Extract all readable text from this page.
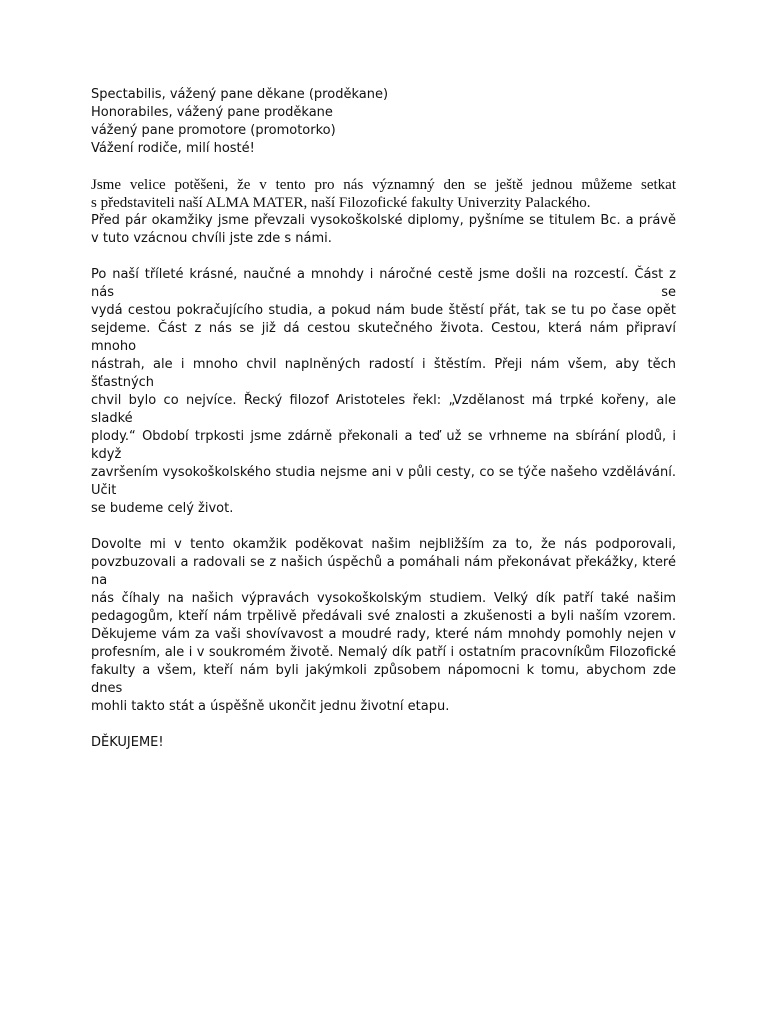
Spectabilis, vážený pane děkane (proděkane)
Honorabiles, vážený pane proděkane
vážený pane promotore (promotorko)
Vážení rodiče, milí hosté!
Jsme velice potěšeni, že v tento pro nás významný den se ještě jednou můžeme setkat
s představiteli naší ALMA MATER, naší Filozofické fakulty Univerzity Palackého.
Před pár okamžiky jsme převzali vysokoškolské diplomy, pyšníme se titulem Bc. a právě
v tuto vzácnou chvíli jste zde s námi.
Po naší tříleté krásné, naučné a mnohdy i náročné cestě jsme došli na rozcestí. Část z nás se
vydá cestou pokračujícího studia, a pokud nám bude štěstí přát, tak se tu po čase opět
sejdeme. Část z nás se již dá cestou skutečného života. Cestou, která nám připraví mnoho
nástrah, ale i mnoho chvil naplněných radostí i štěstím. Přeji nám všem, aby těch šťastných
chvil bylo co nejvíce. Řecký filozof Aristoteles řekl: „Vzdělanost má trpké kořeny, ale sladké
plody.“ Období trpkosti jsme zdárně překonali a teď už se vrhneme na sbírání plodů, i když
završením vysokoškolského studia nejsme ani v půli cesty, co se týče našeho vzdělávání. Učit
se budeme celý život.
Dovolte mi v tento okamžik poděkovat našim nejbližším za to, že nás podporovali,
povzbuzovali a radovali se z našich úspěchů a pomáhali nám překonávat překážky, které na
nás číhaly na našich výpravách vysokoškolským studiem. Velký dík patří také našim
pedagogům, kteří nám trpělivě předávali své znalosti a zkušenosti a byli naším vzorem.
Děkujeme vám za vaši shovívavost a moudré rady, které nám mnohdy pomohly nejen v
profesním, ale i v soukromém životě. Nemalý dík patří i ostatním pracovníkům Filozofické
fakulty a všem, kteří nám byli jakýmkoli způsobem nápomocni k tomu, abychom zde dnes
mohli takto stát a úspěšně ukončit jednu životní etapu.
DĚKUJEME!
